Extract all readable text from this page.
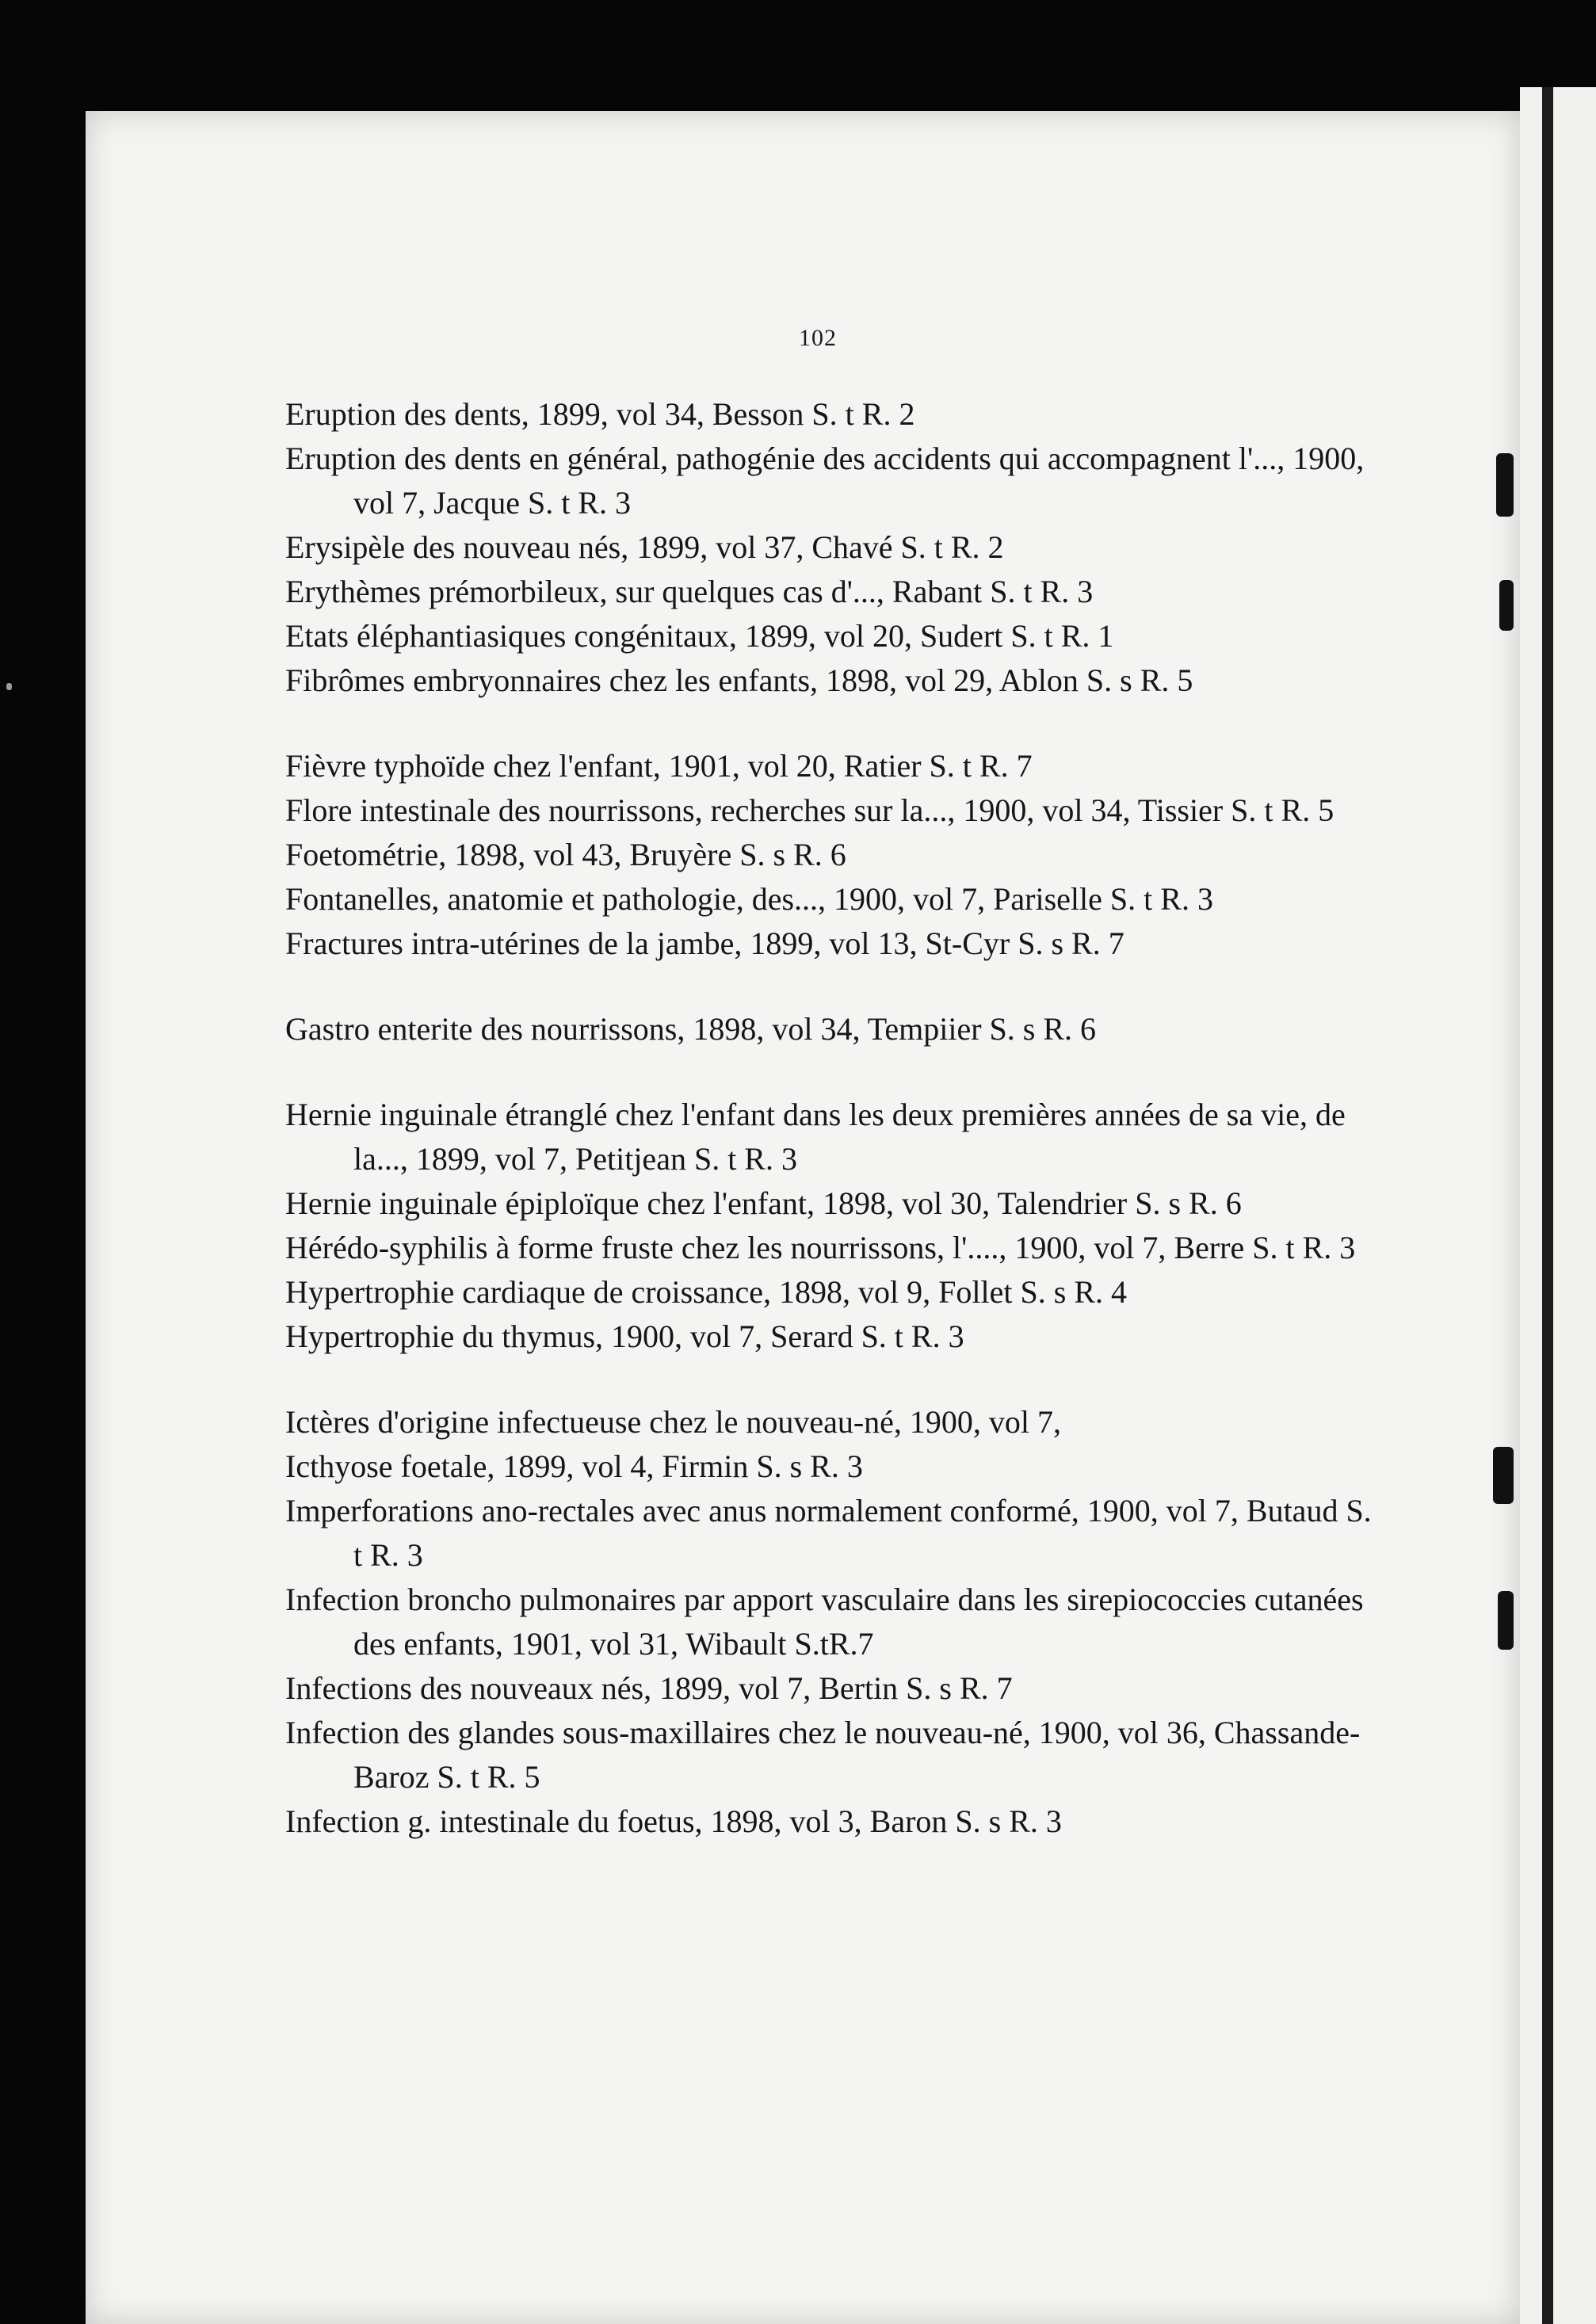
102

Eruption des dents, 1899, vol 34, Besson S. t R. 2

Eruption des dents en général, pathogénie des accidents qui accompagnent l'..., 1900, vol 7, Jacque S. t R. 3

Erysipèle des nouveau nés, 1899, vol 37, Chavé S. t R. 2

Erythèmes prémorbileux, sur quelques cas d'..., Rabant S. t R. 3

Etats éléphantiasiques congénitaux, 1899, vol 20, Sudert S. t R. 1

Fibrômes embryonnaires chez les enfants, 1898, vol 29, Ablon S. s R. 5

Fièvre typhoïde chez l'enfant, 1901, vol 20, Ratier S. t R. 7

Flore intestinale des nourrissons, recherches sur la..., 1900, vol 34, Tissier S. t R. 5

Foetométrie, 1898, vol 43, Bruyère S. s R. 6

Fontanelles, anatomie et pathologie, des..., 1900, vol 7, Pariselle S. t R. 3

Fractures intra-utérines de la jambe, 1899, vol 13, St-Cyr S. s R. 7

Gastro enterite des nourrissons, 1898, vol 34, Tempiier S. s R. 6

Hernie inguinale étranglé chez l'enfant dans les deux premières années de sa vie, de la..., 1899, vol 7, Petitjean S. t R. 3

Hernie inguinale épiploïque chez l'enfant, 1898, vol 30, Talendrier S. s R. 6

Hérédo-syphilis à forme fruste chez les nourrissons, l'...., 1900, vol 7, Berre S. t R. 3

Hypertrophie cardiaque de croissance, 1898, vol 9, Follet S. s R. 4

Hypertrophie du thymus, 1900, vol 7, Serard S. t R. 3

Ictères d'origine infectueuse chez le nouveau-né, 1900, vol 7,

Icthyose foetale, 1899, vol 4, Firmin S. s R. 3

Imperforations ano-rectales avec anus normalement conformé, 1900, vol 7, Butaud S. t R. 3

Infection broncho pulmonaires par apport vasculaire dans les sirepiococcies cutanées des enfants, 1901, vol 31, Wibault S.tR.7

Infections des nouveaux nés, 1899, vol 7, Bertin S. s R. 7

Infection des glandes sous-maxillaires chez le nouveau-né, 1900, vol 36, Chassande- Baroz S. t R. 5

Infection g. intestinale du foetus, 1898, vol 3, Baron S. s R. 3
